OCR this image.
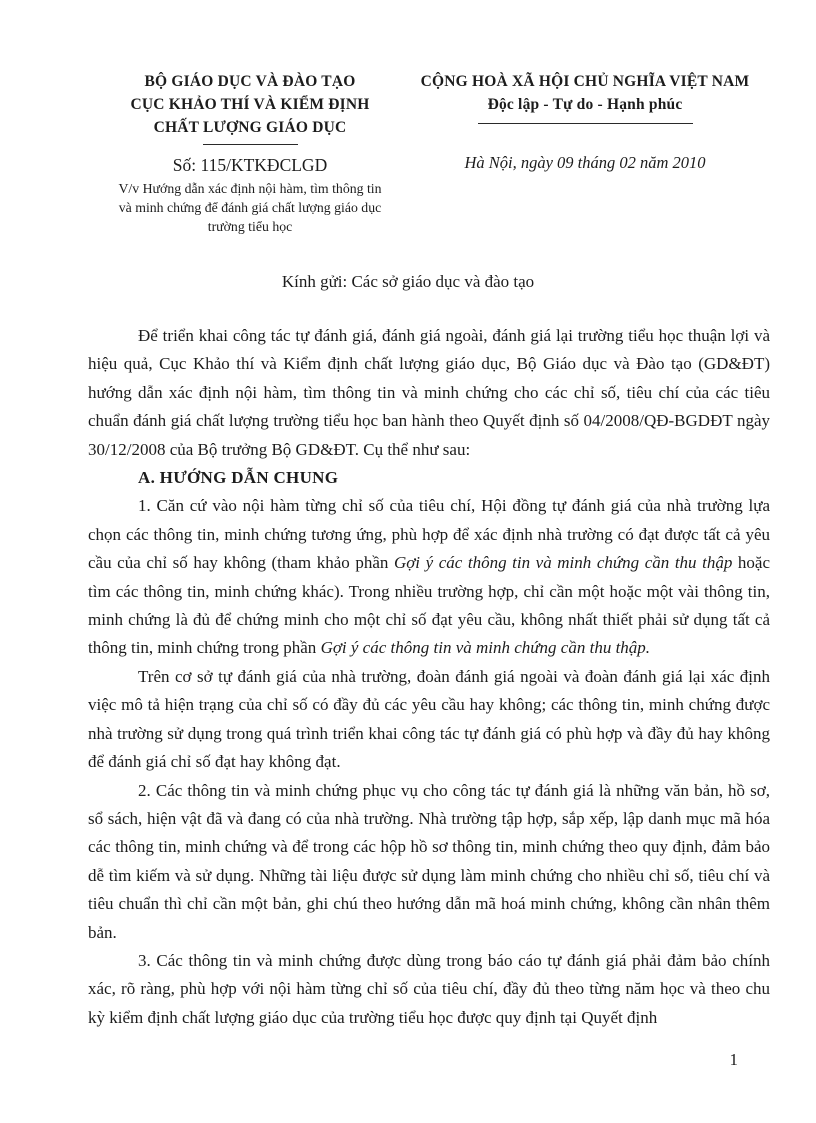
BỘ GIÁO DỤC VÀ ĐÀO TẠO
CỤC KHẢO THÍ VÀ KIỂM ĐỊNH
CHẤT LƯỢNG GIÁO DỤC
Số: 115/KTKĐCLGD
V/v Hướng dẫn xác định nội hàm, tìm thông tin và minh chứng để đánh giá chất lượng giáo dục trường tiểu học
CỘNG HOÀ XÃ HỘI CHỦ NGHĨA VIỆT NAM
Độc lập - Tự do - Hạnh phúc
Hà Nội, ngày 09 tháng 02 năm 2010
Kính gửi: Các sở giáo dục và đào tạo

Để triển khai công tác tự đánh giá, đánh giá ngoài, đánh giá lại trường tiểu học thuận lợi và hiệu quả, Cục Khảo thí và Kiểm định chất lượng giáo dục, Bộ Giáo dục và Đào tạo (GD&ĐT) hướng dẫn xác định nội hàm, tìm thông tin và minh chứng cho các chỉ số, tiêu chí của các tiêu chuẩn đánh giá chất lượng trường tiểu học ban hành theo Quyết định số 04/2008/QĐ-BGDĐT ngày 30/12/2008 của Bộ trưởng Bộ GD&ĐT. Cụ thể như sau:

A. HƯỚNG DẪN CHUNG

1. Căn cứ vào nội hàm từng chỉ số của tiêu chí, Hội đồng tự đánh giá của nhà trường lựa chọn các thông tin, minh chứng tương ứng, phù hợp để xác định nhà trường có đạt được tất cả yêu cầu của chỉ số hay không (tham khảo phần Gợi ý các thông tin và minh chứng cần thu thập hoặc tìm các thông tin, minh chứng khác). Trong nhiều trường hợp, chỉ cần một hoặc một vài thông tin, minh chứng là đủ để chứng minh cho một chỉ số đạt yêu cầu, không nhất thiết phải sử dụng tất cả thông tin, minh chứng trong phần Gợi ý các thông tin và minh chứng cần thu thập.

Trên cơ sở tự đánh giá của nhà trường, đoàn đánh giá ngoài và đoàn đánh giá lại xác định việc mô tả hiện trạng của chỉ số có đầy đủ các yêu cầu hay không; các thông tin, minh chứng được nhà trường sử dụng trong quá trình triển khai công tác tự đánh giá có phù hợp và đầy đủ hay không để đánh giá chỉ số đạt hay không đạt.

2. Các thông tin và minh chứng phục vụ cho công tác tự đánh giá là những văn bản, hồ sơ, sổ sách, hiện vật đã và đang có của nhà trường. Nhà trường tập hợp, sắp xếp, lập danh mục mã hóa các thông tin, minh chứng và để trong các hộp hồ sơ thông tin, minh chứng theo quy định, đảm bảo dễ tìm kiếm và sử dụng. Những tài liệu được sử dụng làm minh chứng cho nhiều chỉ số, tiêu chí và tiêu chuẩn thì chỉ cần một bản, ghi chú theo hướng dẫn mã hoá minh chứng, không cần nhân thêm bản.

3. Các thông tin và minh chứng được dùng trong báo cáo tự đánh giá phải đảm bảo chính xác, rõ ràng, phù hợp với nội hàm từng chỉ số của tiêu chí, đầy đủ theo từng năm học và theo chu kỳ kiểm định chất lượng giáo dục của trường tiểu học được quy định tại Quyết định

1
